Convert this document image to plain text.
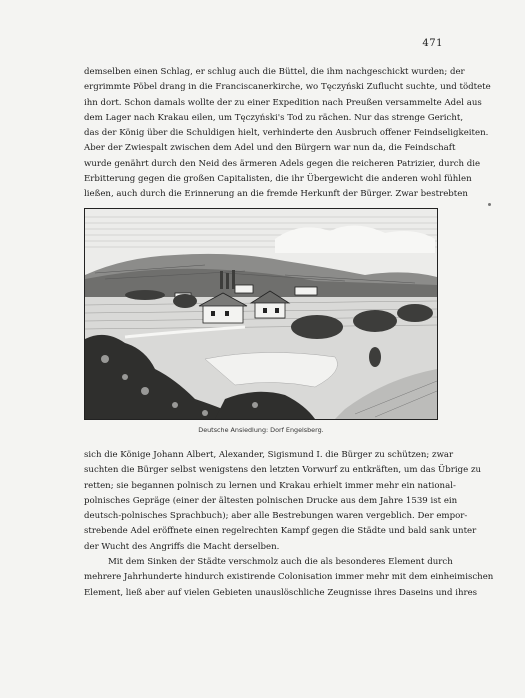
471
demselben einen Schlag, er schlug auch die Büttel, die ihm nachgeschickt wurden; der
ergrimmte Pöbel drang in die Franciscanerkirche, wo Tęczyński Zuflucht suchte, und tödtete
ihn dort. Schon damals wollte der zu einer Expedition nach Preußen versammelte Adel aus
dem Lager nach Krakau eilen, um Tęczyński's Tod zu rächen. Nur das strenge Gericht,
das der König über die Schuldigen hielt, verhinderte den Ausbruch offener Feindseligkeiten.
Aber der Zwiespalt zwischen dem Adel und den Bürgern war nun da, die Feindschaft
wurde genährt durch den Neid des ärmeren Adels gegen die reicheren Patrizier, durch die
Erbitterung gegen die großen Capitalisten, die ihr Übergewicht die anderen wohl fühlen
ließen, auch durch die Erinnerung an die fremde Herkunft der Bürger. Zwar bestrebten
Deutsche Ansiedlung: Dorf Engelsberg.
sich die Könige Johann Albert, Alexander, Sigismund I. die Bürger zu schützen; zwar
suchten die Bürger selbst wenigstens den letzten Vorwurf zu entkräften, um das Übrige zu
retten; sie begannen polnisch zu lernen und Krakau erhielt immer mehr ein national-
polnisches Gepräge (einer der ältesten polnischen Drucke aus dem Jahre 1539 ist ein
deutsch-polnisches Sprachbuch); aber alle Bestrebungen waren vergeblich. Der empor-
strebende Adel eröffnete einen regelrechten Kampf gegen die Städte und bald sank unter
der Wucht des Angriffs die Macht derselben.
Mit dem Sinken der Städte verschmolz auch die als besonderes Element durch
mehrere Jahrhunderte hindurch existirende Colonisation immer mehr mit dem einheimischen
Element, ließ aber auf vielen Gebieten unauslöschliche Zeugnisse ihres Daseins und ihres
